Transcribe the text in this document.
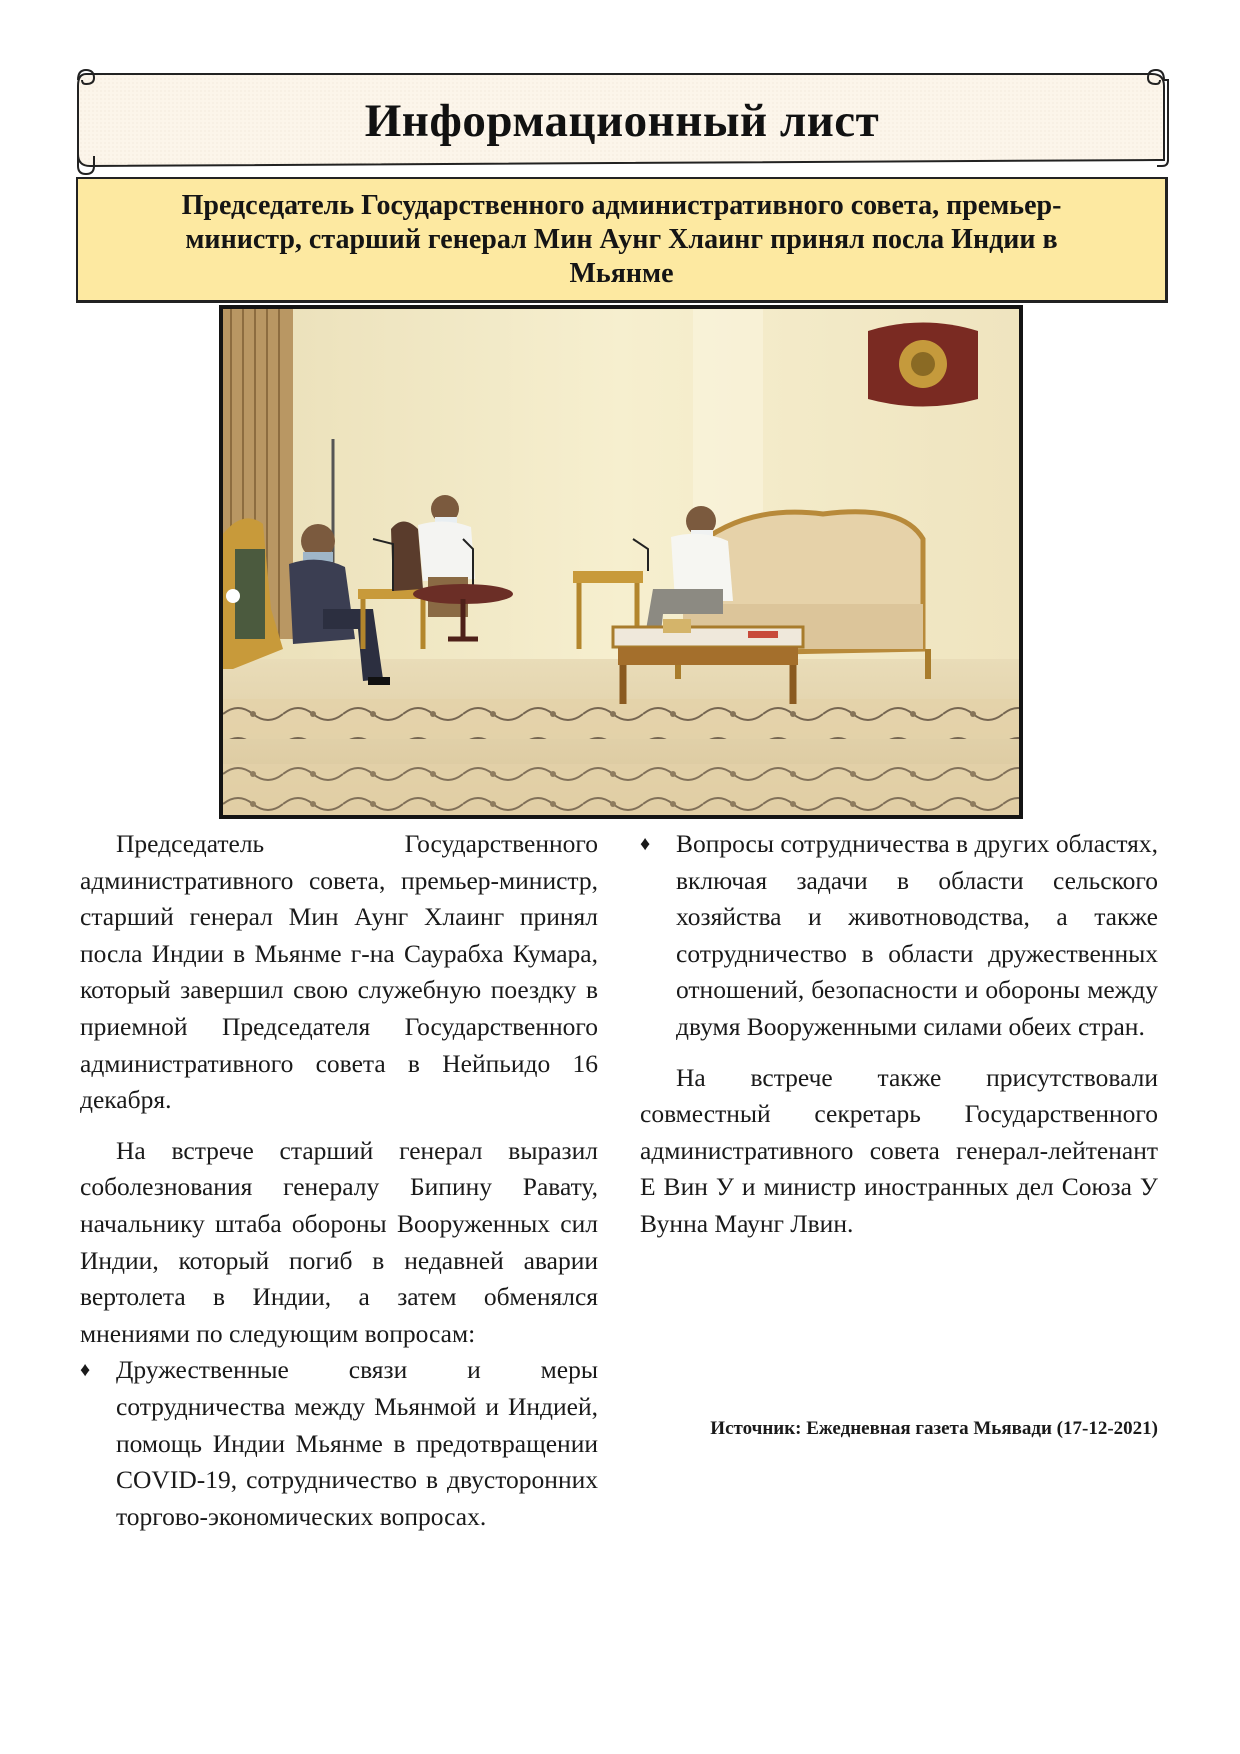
Информационный лист
Председатель Государственного административного совета, премьер-министр, старший генерал Мин Аунг Хлаинг принял посла Индии в Мьянме

Председатель Государственного административного совета, премьер-министр, старший генерал Мин Аунг Хлаинг принял посла Индии в Мьянме г-на Саурабха Кумара, который завершил свою служебную поездку в приемной Председателя Государственного административного совета в Нейпьидо 16 декабря.

На встрече старший генерал выразил соболезнования генералу Бипину Равату, начальнику штаба обороны Вооруженных сил Индии, который погиб в недавней аварии вертолета в Индии, а затем обменялся мнениями по следующим вопросам:

♦ Дружественные связи и меры сотрудничества между Мьянмой и Индией, помощь Индии Мьянме в предотвращении COVID-19, сотрудничество в двусторонних торгово-экономических вопросах.
♦ Вопросы сотрудничества в других областях, включая задачи в области сельского хозяйства и животноводства, а также сотрудничество в области дружественных отношений, безопасности и обороны между двумя Вооруженными силами обеих стран.

На встрече также присутствовали совместный секретарь Государственного административного совета генерал-лейтенант Е Вин У и министр иностранных дел Союза У Вунна Маунг Лвин.

Источник: Ежедневная газета Мьявади (17-12-2021)
